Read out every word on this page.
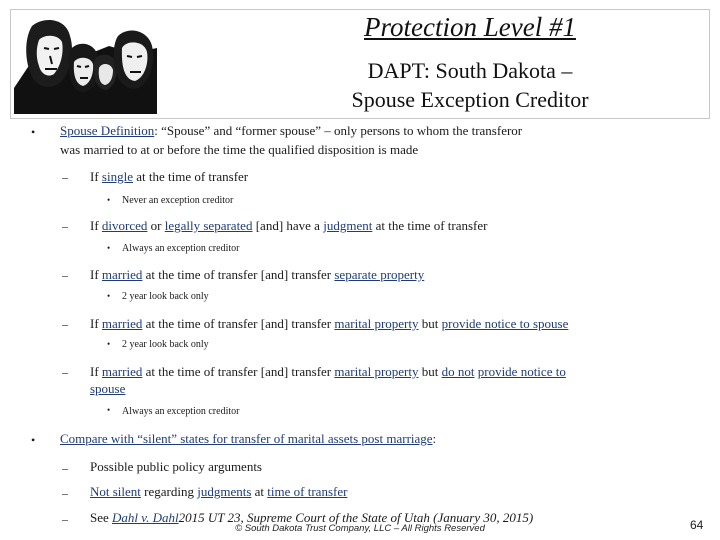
Protection Level #1
DAPT: South Dakota –
Spouse Exception Creditor
• Spouse Definition: “Spouse” and “former spouse” – only persons to whom the transferor
was married to at or before the time the qualified disposition is made
– If single at the time of transfer
• Never an exception creditor
– If divorced or legally separated [and] have a judgment at the time of transfer
• Always an exception creditor
– If married at the time of transfer [and] transfer separate property
• 2 year look back only
– If married at the time of transfer [and] transfer marital property but provide notice to spouse
• 2 year look back only
– If married at the time of transfer [and] transfer marital property but do not provide notice to
spouse
• Always an exception creditor
• Compare with “silent” states for transfer of marital assets post marriage:
– Possible public policy arguments
– Not silent regarding judgments at time of transfer
– See Dahl v. Dahl2015 UT 23, Supreme Court of the State of Utah (January 30, 2015)
© South Dakota Trust Company, LLC – All Rights Reserved	64
